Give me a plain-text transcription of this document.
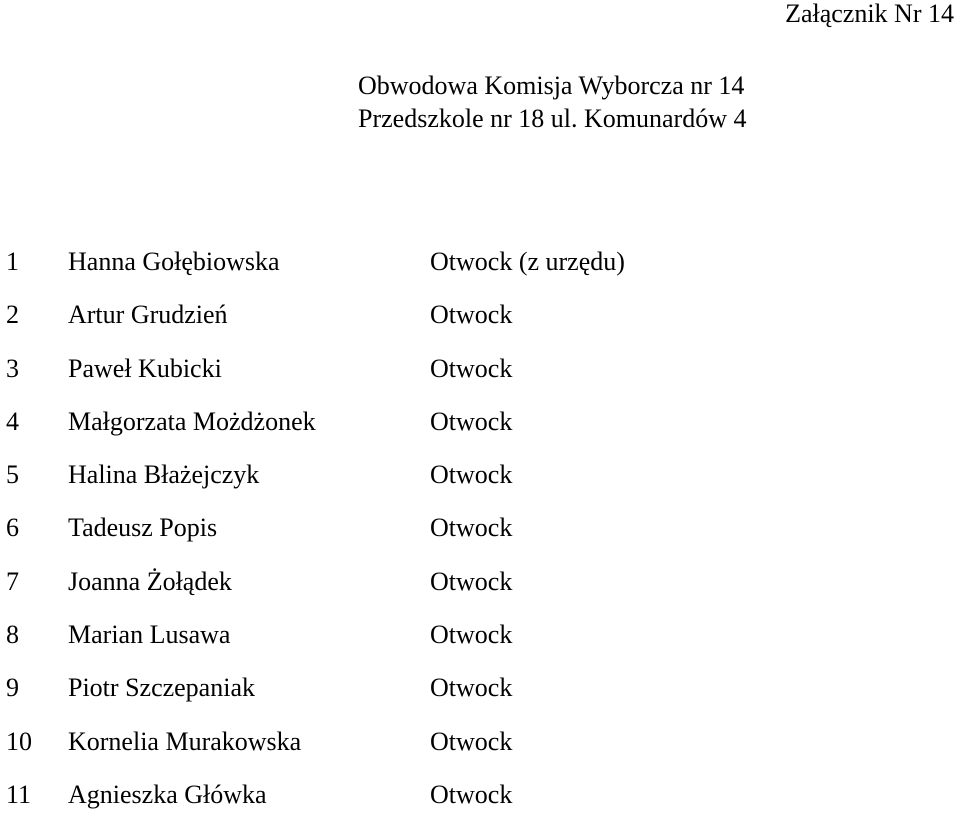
Załącznik Nr 14
Obwodowa Komisja Wyborcza nr 14
Przedszkole nr 18 ul. Komunardów 4
1 Hanna Gołębiowska	Otwock (z urzędu)
2 Artur Grudzień	Otwock
3 Paweł Kubicki	Otwock
4 Małgorzata Możdżonek	Otwock
5 Halina Błażejczyk	Otwock
6 Tadeusz Popis	Otwock
7 Joanna Żołądek	Otwock
8 Marian Lusawa	Otwock
9 Piotr Szczepaniak	Otwock
10 Kornelia Murakowska	Otwock
11 Agnieszka Główka	Otwock
